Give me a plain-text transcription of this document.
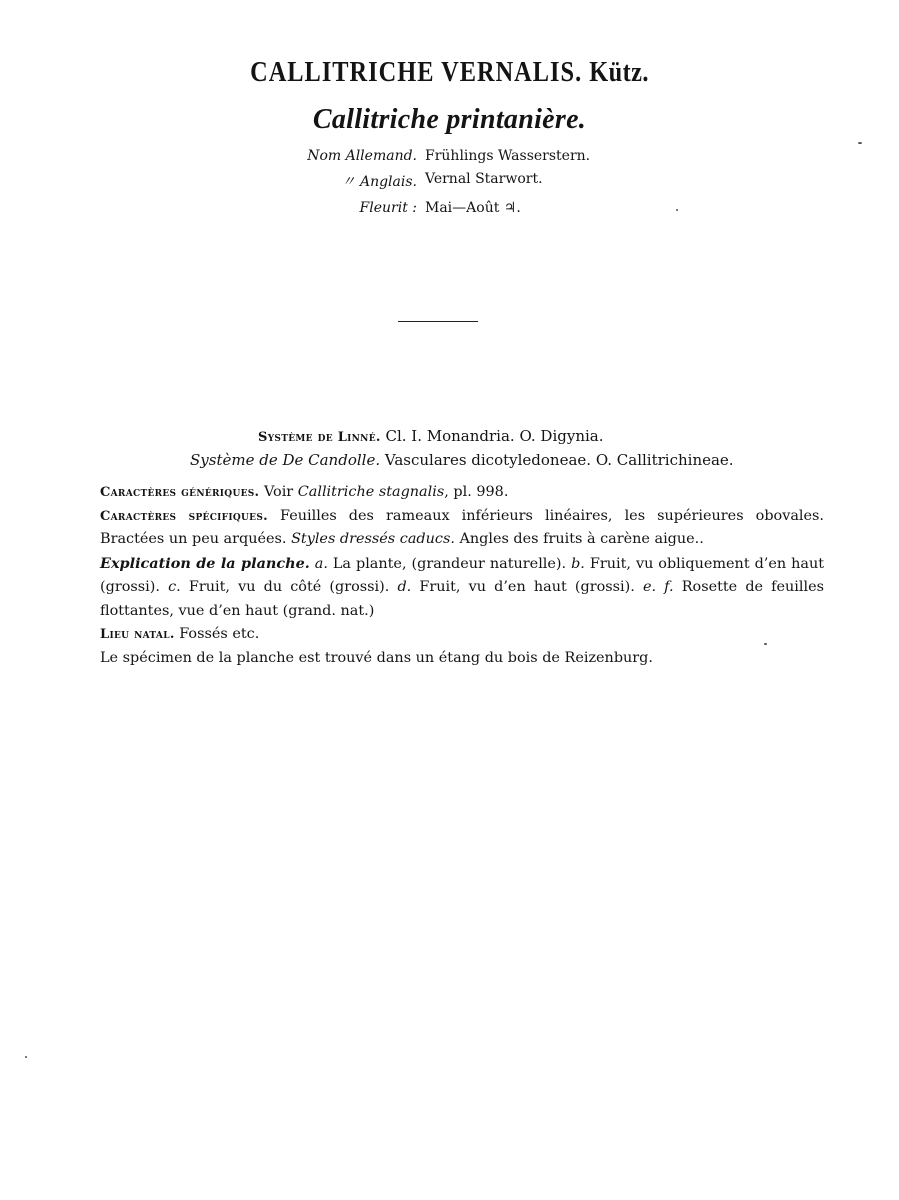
CALLITRICHE VERNALIS. Kütz.
Callitriche printanière.
Nom Allemand. Frühlings Wasserstern.
〃 Anglais. Vernal Starwort.
Fleurit : Mai—Août ♃.
Système de Linné. Cl. I. Monandria. O. Digynia.
Système de De Candolle. Vasculares dicotyledoneae. O. Callitrichineae.

Caractères génériques. Voir Callitriche stagnalis, pl. 998.

Caractères spécifiques. Feuilles des rameaux inférieurs linéaires, les supérieures obovales. Bractées un peu arquées. Styles dressés caducs. Angles des fruits à carène aigue..

Explication de la planche. a. La plante, (grandeur naturelle). b. Fruit, vu obliquement d’en haut (grossi). c. Fruit, vu du côté (grossi). d. Fruit, vu d’en haut (grossi). e. f. Rosette de feuilles flottantes, vue d’en haut (grand. nat.)

Lieu natal. Fossés etc.

Le spécimen de la planche est trouvé dans un étang du bois de Reizenburg.
